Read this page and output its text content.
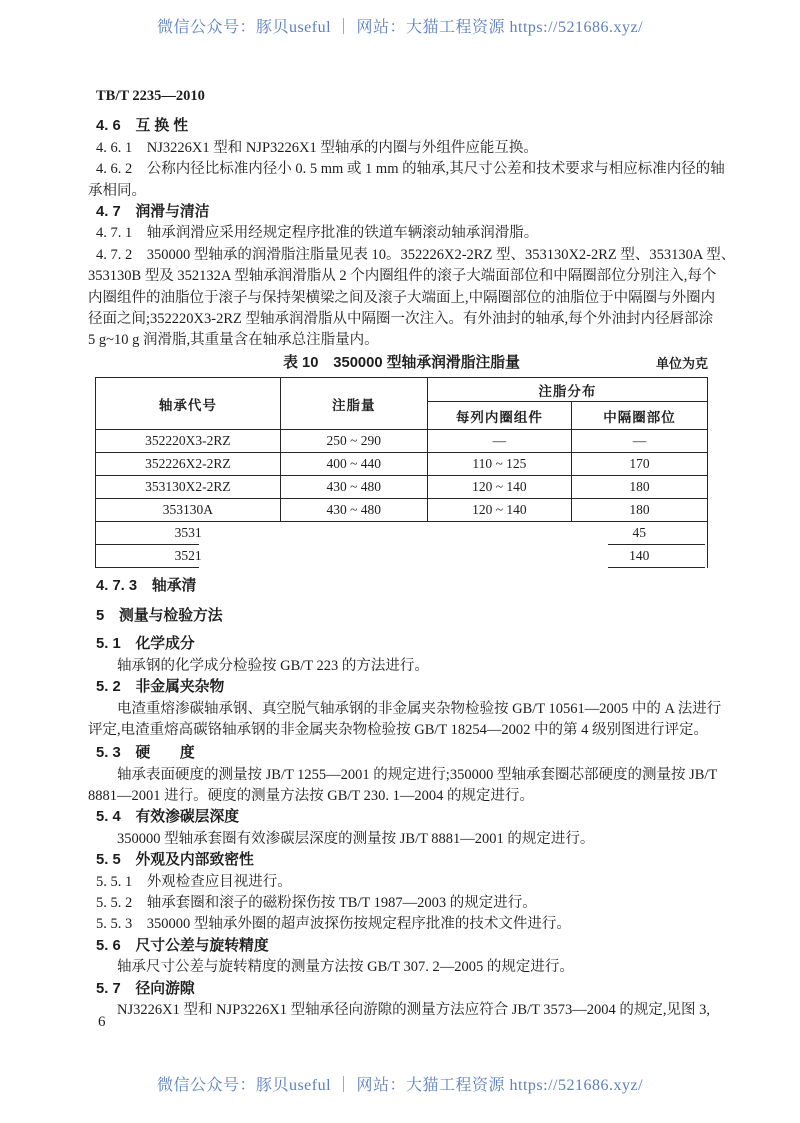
微信公众号：豚贝useful ｜ 网站：大猫工程资源 https://521686.xyz/
TB/T 2235—2010
4. 6　互 换 性
4. 6. 1　NJ3226X1 型和 NJP3226X1 型轴承的内圈与外组件应能互换。
4. 6. 2　公称内径比标准内径小 0. 5 mm 或 1 mm 的轴承,其尺寸公差和技术要求与相应标准内径的轴
承相同。
4. 7　润滑与清洁
4. 7. 1　轴承润滑应采用经规定程序批准的铁道车辆滚动轴承润滑脂。
4. 7. 2　350000 型轴承的润滑脂注脂量见表 10。352226X2-2RZ 型、353130X2-2RZ 型、353130A 型、
353130B 型及 352132A 型轴承润滑脂从 2 个内圈组件的滚子大端面部位和中隔圈部位分别注入,每个
内圈组件的油脂位于滚子与保持架横梁之间及滚子大端面上,中隔圈部位的油脂位于中隔圈与外圈内
径面之间;352220X3-2RZ 型轴承润滑脂从中隔圈一次注入。有外油封的轴承,每个外油封内径唇部涂
5 g~10 g 润滑脂,其重量含在轴承总注脂量内。
表 10　350000 型轴承润滑脂注脂量	单位为克
轴承代号	注脂量	注脂分布	
		每列内圈组件	中隔圈部位
352220X3-2RZ	250 ~ 290	—	—
352226X2-2RZ	400 ~ 440	110 ~ 125	170
353130X2-2RZ	430 ~ 480	120 ~ 140	180
353130A	430 ~ 480	120 ~ 140	180
3531			45
3521			140
4. 7. 3　轴承清
5　测量与检验方法
5. 1　化学成分
轴承钢的化学成分检验按 GB/T 223 的方法进行。
5. 2　非金属夹杂物
电渣重熔渗碳轴承钢、真空脱气轴承钢的非金属夹杂物检验按 GB/T 10561—2005 中的 A 法进行
评定,电渣重熔高碳铬轴承钢的非金属夹杂物检验按 GB/T 18254—2002 中的第 4 级别图进行评定。
5. 3　硬　　度
轴承表面硬度的测量按 JB/T 1255—2001 的规定进行;350000 型轴承套圈芯部硬度的测量按 JB/T
8881—2001 进行。硬度的测量方法按 GB/T 230. 1—2004 的规定进行。
5. 4　有效渗碳层深度
350000 型轴承套圈有效渗碳层深度的测量按 JB/T 8881—2001 的规定进行。
5. 5　外观及内部致密性
5. 5. 1　外观检查应目视进行。
5. 5. 2　轴承套圈和滚子的磁粉探伤按 TB/T 1987—2003 的规定进行。
5. 5. 3　350000 型轴承外圈的超声波探伤按规定程序批准的技术文件进行。
5. 6　尺寸公差与旋转精度
轴承尺寸公差与旋转精度的测量方法按 GB/T 307. 2—2005 的规定进行。
5. 7　径向游隙
NJ3226X1 型和 NJP3226X1 型轴承径向游隙的测量方法应符合 JB/T 3573—2004 的规定,见图 3,
6
微信公众号：豚贝useful ｜ 网站：大猫工程资源 https://521686.xyz/
